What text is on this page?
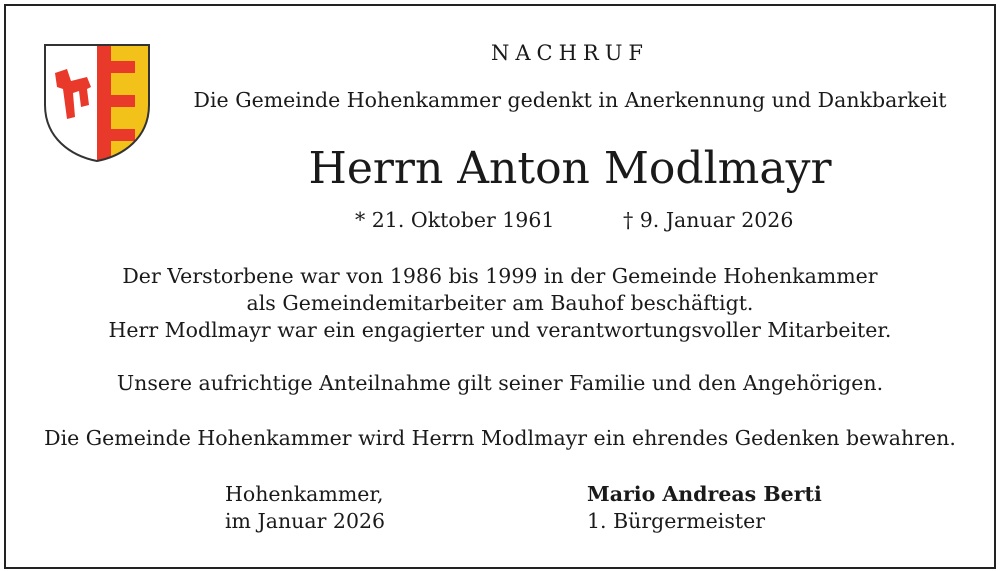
NACHRUF
Die Gemeinde Hohenkammer gedenkt in Anerkennung und Dankbarkeit
Herrn Anton Modlmayr
* 21. Oktober 1961	† 9. Januar 2026
Der Verstorbene war von 1986 bis 1999 in der Gemeinde Hohenkammer
als Gemeindemitarbeiter am Bauhof beschäftigt.
Herr Modlmayr war ein engagierter und verantwortungsvoller Mitarbeiter.
Unsere aufrichtige Anteilnahme gilt seiner Familie und den Angehörigen.
Die Gemeinde Hohenkammer wird Herrn Modlmayr ein ehrendes Gedenken bewahren.
Hohenkammer,
im Januar 2026
Mario Andreas Berti
1. Bürgermeister
